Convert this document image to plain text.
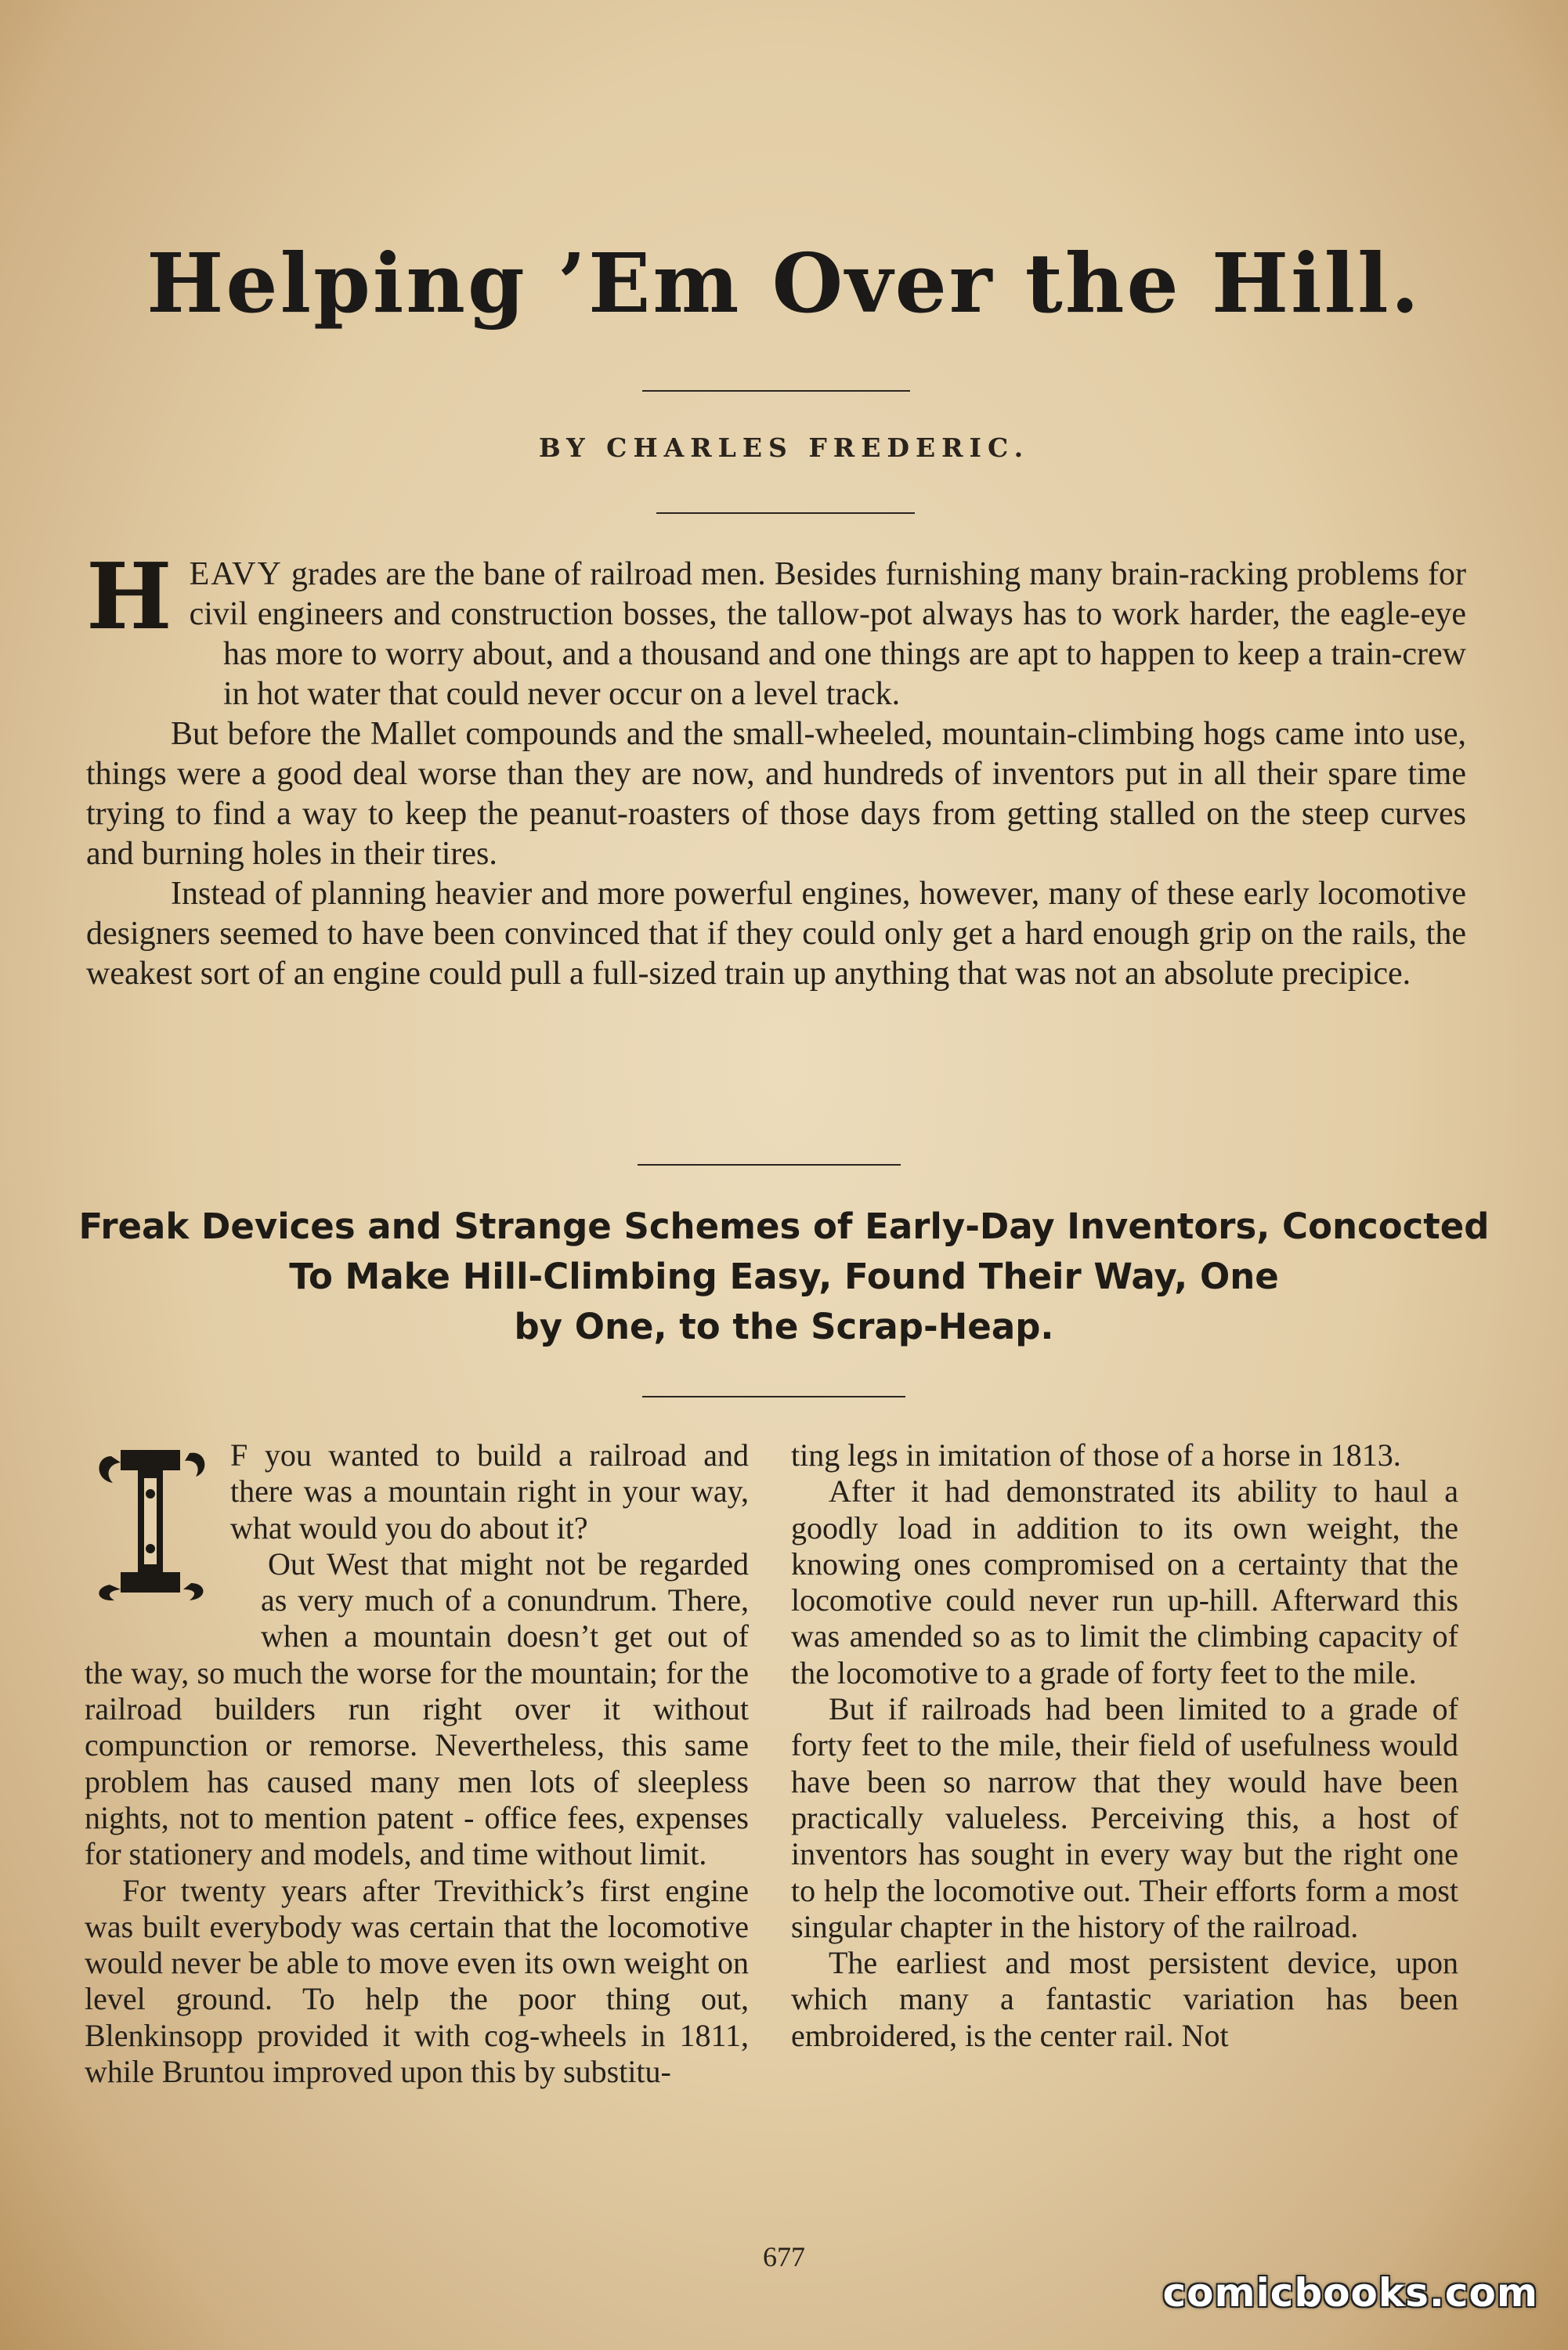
Helping ’Em Over the Hill.
BY CHARLES FREDERIC.

H EAVY grades are the bane of railroad men. Besides furnishing many brain-racking problems for civil engineers and construction bosses, the tallow-pot always has to work harder, the eagle-eye has more to worry about, and a thousand and one things are apt to happen to keep a train-crew in hot water that could never occur on a level track.

But before the Mallet compounds and the small-wheeled, mountain-climbing hogs came into use, things were a good deal worse than they are now, and hundreds of inventors put in all their spare time trying to find a way to keep the peanut-roasters of those days from getting stalled on the steep curves and burning holes in their tires.

Instead of planning heavier and more powerful engines, however, many of these early locomotive designers seemed to have been convinced that if they could only get a hard enough grip on the rails, the weakest sort of an engine could pull a full-sized train up anything that was not an absolute precipice.

Freak Devices and Strange Schemes of Early-Day Inventors, Concocted
To Make Hill-Climbing Easy, Found Their Way, One
by One, to the Scrap-Heap.

F you wanted to build a railroad and there was a mountain right in your way, what would you do about it?

Out West that might not be regarded as very much of a conundrum. There, when a mountain doesn’t get out of the way, so much the worse for the mountain; for the railroad builders run right over it without compunction or remorse. Nevertheless, this same problem has caused many men lots of sleepless nights, not to mention patent - office fees, expenses for stationery and models, and time without limit.

For twenty years after Trevithick’s first engine was built everybody was certain that the locomotive would never be able to move even its own weight on level ground. To help the poor thing out, Blenkinsopp provided it with cog-wheels in 1811, while Bruntou improved upon this by substitu-

ting legs in imitation of those of a horse in 1813.

After it had demonstrated its ability to haul a goodly load in addition to its own weight, the knowing ones compromised on a certainty that the locomotive could never run up-hill. Afterward this was amended so as to limit the climbing capacity of the locomotive to a grade of forty feet to the mile.

But if railroads had been limited to a grade of forty feet to the mile, their field of usefulness would have been so narrow that they would have been practically valueless. Perceiving this, a host of inventors has sought in every way but the right one to help the locomotive out. Their efforts form a most singular chapter in the history of the railroad.

The earliest and most persistent device, upon which many a fantastic variation has been embroidered, is the center rail. Not

677
comicbooks.com
